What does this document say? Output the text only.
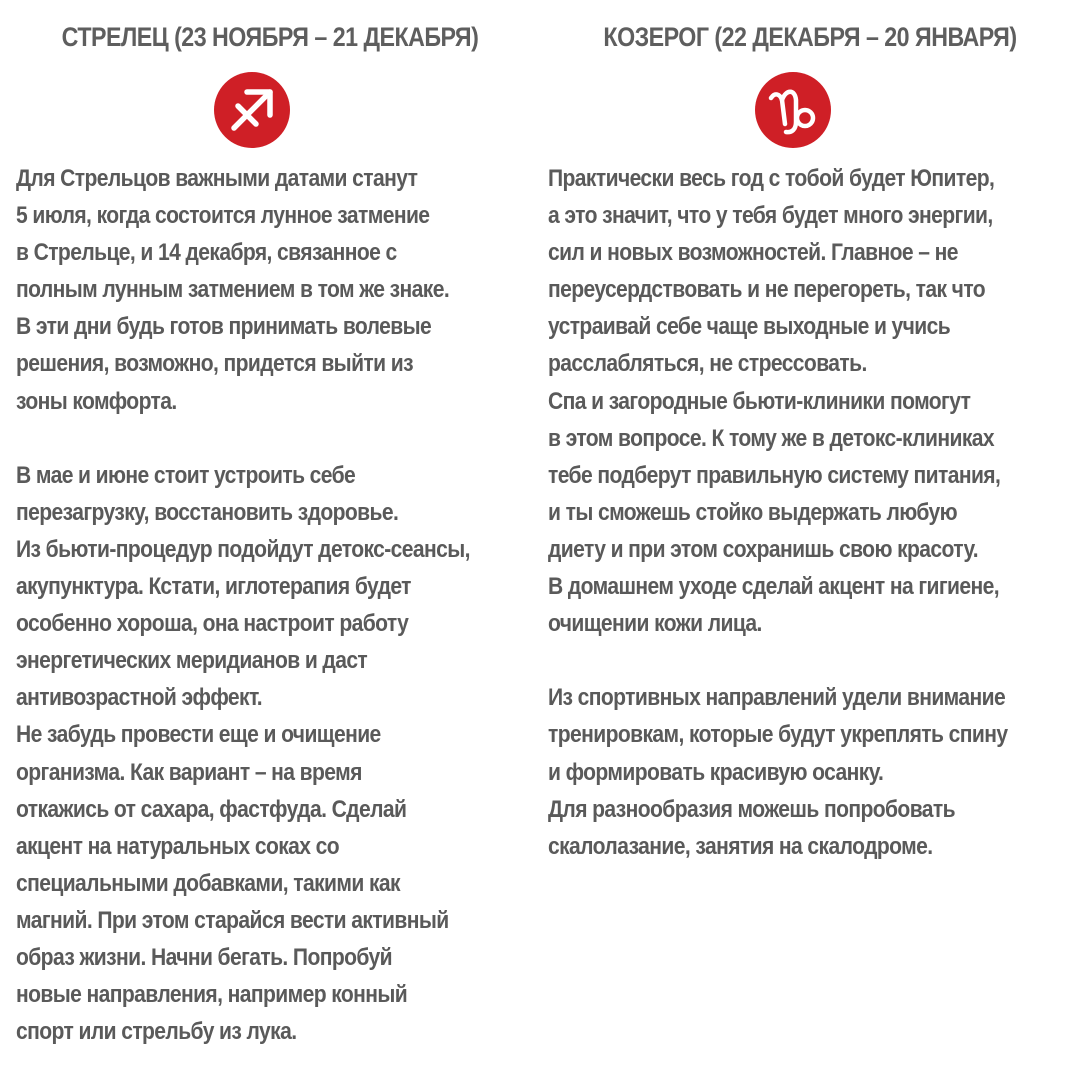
СТРЕЛЕЦ (23 НОЯБРЯ – 21 ДЕКАБРЯ)
Для Стрельцов важными датами станут
5 июля, когда состоится лунное затмение
в Стрельце, и 14 декабря, связанное с
полным лунным затмением в том же знаке.
В эти дни будь готов принимать волевые
решения, возможно, придется выйти из
зоны комфорта.
В мае и июне стоит устроить себе
перезагрузку, восстановить здоровье.
Из бьюти-процедур подойдут детокс-сеансы,
акупунктура. Кстати, иглотерапия будет
особенно хороша, она настроит работу
энергетических меридианов и даст
антивозрастной эффект.
Не забудь провести еще и очищение
организма. Как вариант – на время
откажись от сахара, фастфуда. Сделай
акцент на натуральных соках со
специальными добавками, такими как
магний. При этом старайся вести активный
образ жизни. Начни бегать. Попробуй
новые направления, например конный
спорт или стрельбу из лука.
КОЗЕРОГ (22 ДЕКАБРЯ – 20 ЯНВАРЯ)
Практически весь год с тобой будет Юпитер,
а это значит, что у тебя будет много энергии,
сил и новых возможностей. Главное – не
переусердствовать и не перегореть, так что
устраивай себе чаще выходные и учись
расслабляться, не стрессовать.
Спа и загородные бьюти-клиники помогут
в этом вопросе. К тому же в детокс-клиниках
тебе подберут правильную систему питания,
и ты сможешь стойко выдержать любую
диету и при этом сохранишь свою красоту.
В домашнем уходе сделай акцент на гигиене,
очищении кожи лица.
Из спортивных направлений удели внимание
тренировкам, которые будут укреплять спину
и формировать красивую осанку.
Для разнообразия можешь попробовать
скалолазание, занятия на скалодроме.
